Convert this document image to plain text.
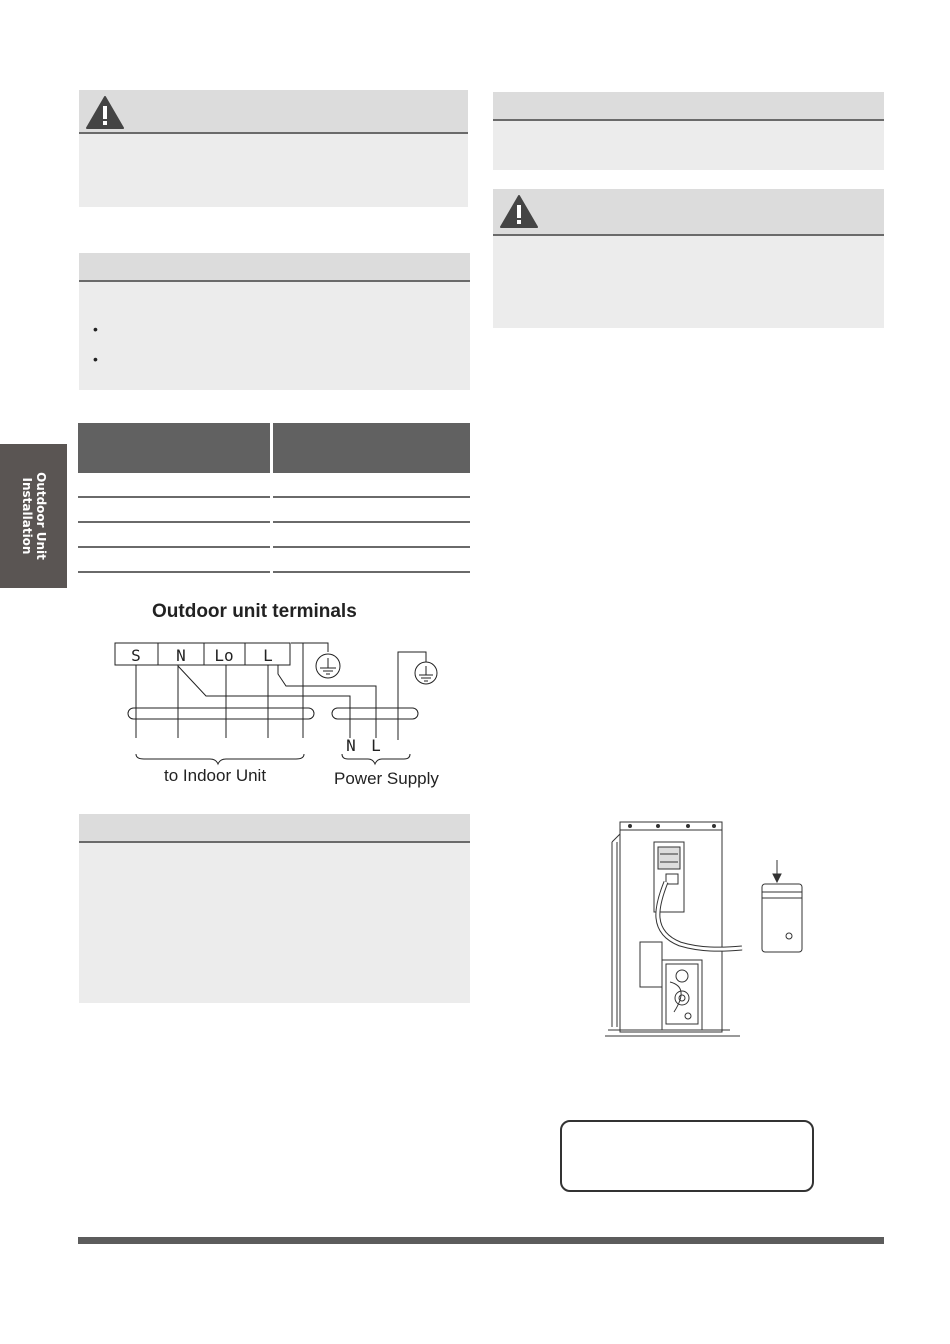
•
•
Outdoor Unit
Installation

Outdoor unit terminals
S N Lo L
N L
to Indoor Unit	Power Supply
